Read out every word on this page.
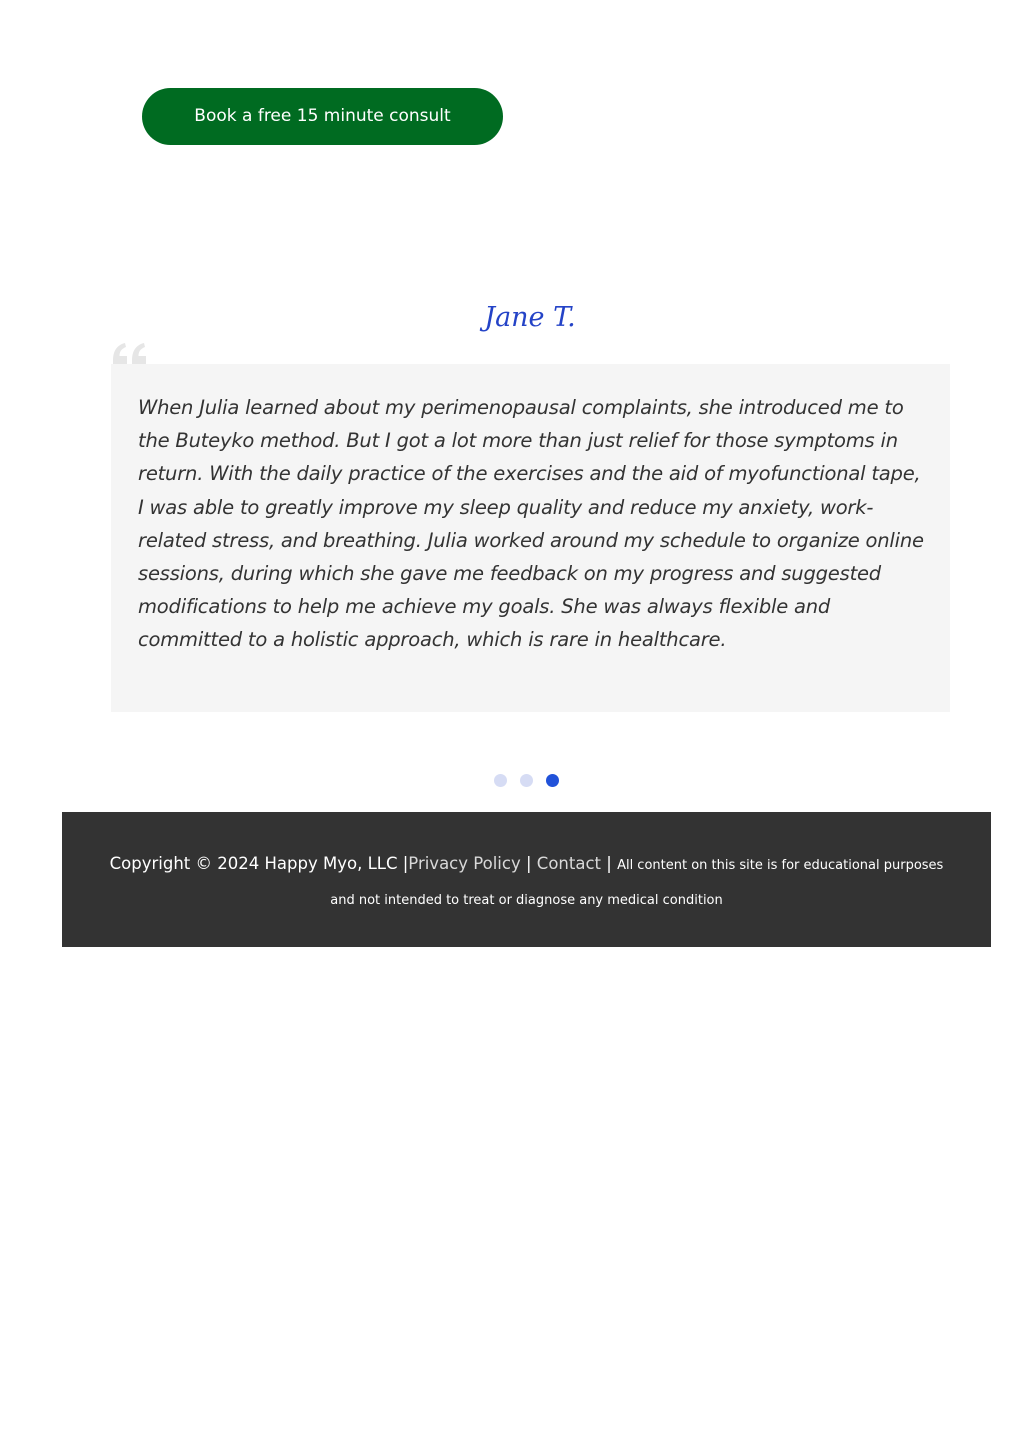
Book a free 15 minute consult
Jane T.

When Julia learned about my perimenopausal complaints, she introduced me to the Buteyko method. But I got a lot more than just relief for those symptoms in return. With the daily practice of the exercises and the aid of myofunctional tape, I was able to greatly improve my sleep quality and reduce my anxiety, work-related stress, and breathing. Julia worked around my schedule to organize online sessions, during which she gave me feedback on my progress and suggested modifications to help me achieve my goals. She was always flexible and committed to a holistic approach, which is rare in healthcare.

Copyright © 2024 Happy Myo, LLC |Privacy Policy | Contact | All content on this site is for educational purposes and not intended to treat or diagnose any medical condition
